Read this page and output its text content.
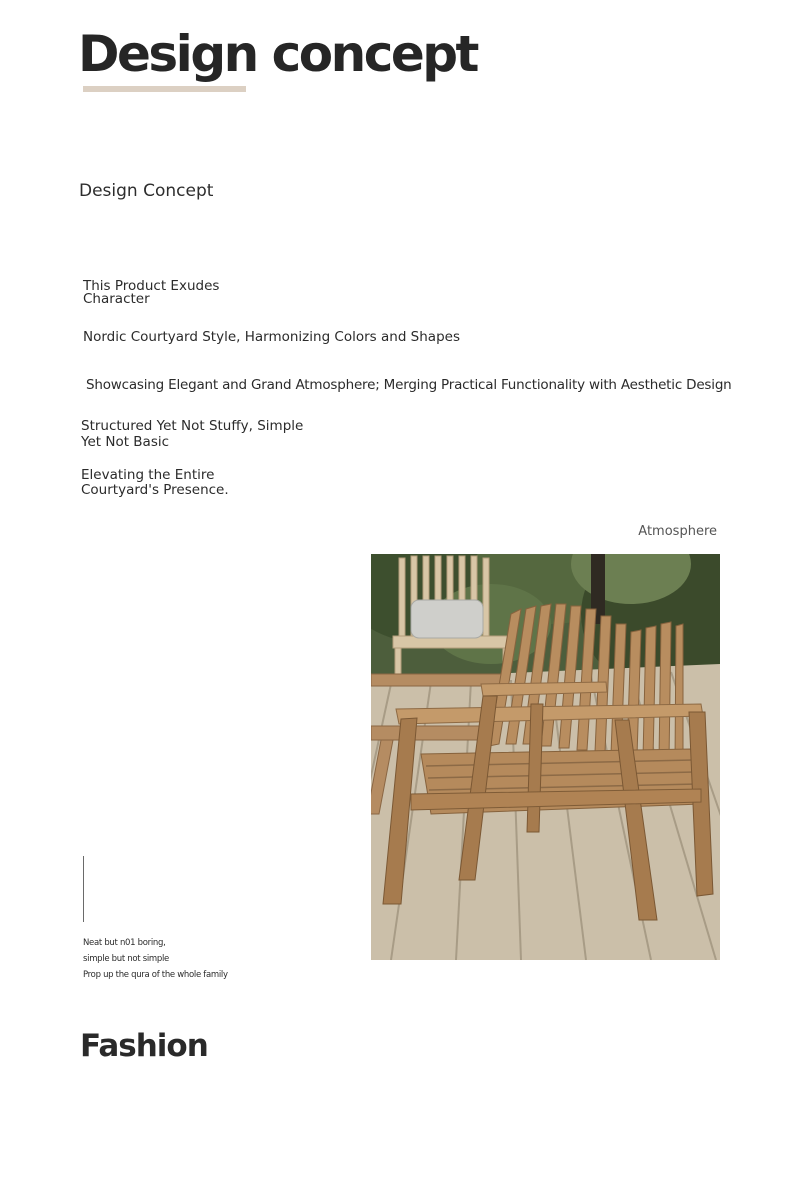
Design concept
Design Concept
This Product Exudes Character
Nordic Courtyard Style, Harmonizing Colors and Shapes
Showcasing Elegant and Grand Atmosphere; Merging Practical Functionality with Aesthetic Design
Structured Yet Not Stuffy, Simple Yet Not Basic
Elevating the Entire Courtyard's Presence.
Atmosphere
Neat but n01 boring,
simple but not simple
Prop up the qura of the whole family
Fashion
